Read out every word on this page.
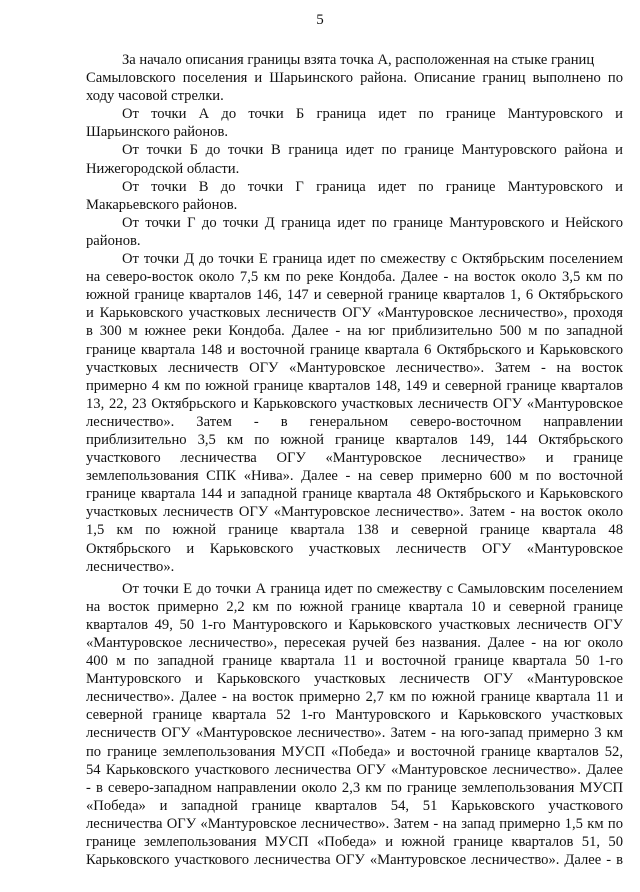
5
За начало описания границы взята точка А, расположенная на стыке границ
Самыловского поселения и Шарьинского района. Описание границ выполнено по
ходу часовой стрелки.
От точки А до точки Б граница идет по границе Мантуровского и
Шарьинского районов.
От точки Б до точки В граница идет по границе Мантуровского района и
Нижегородской области.
От точки В до точки Г граница идет по границе Мантуровского и
Макарьевского районов.
От точки Г до точки Д граница идет по границе Мантуровского и Нейского
районов.
От точки Д до точки Е граница идет по смежеству с Октябрьским поселением
на северо-восток около 7,5 км по реке Кондоба. Далее - на восток около 3,5 км по
южной границе кварталов 146, 147 и северной границе кварталов 1, 6 Октябрьского
и Карьковского участковых лесничеств ОГУ «Мантуровское лесничество», проходя
в 300 м южнее реки Кондоба. Далее - на юг приблизительно 500 м по западной
границе квартала 148 и восточной границе квартала 6 Октябрьского и Карьковского
участковых лесничеств ОГУ «Мантуровское лесничество». Затем - на восток
примерно 4 км по южной границе кварталов 148, 149 и северной границе кварталов
13, 22, 23 Октябрьского и Карьковского участковых лесничеств ОГУ «Мантуровское
лесничество». Затем - в генеральном северо-восточном направлении
приблизительно 3,5 км по южной границе кварталов 149, 144 Октябрьского
участкового лесничества ОГУ «Мантуровское лесничество» и границе
землепользования СПК «Нива». Далее - на север примерно 600 м по восточной
границе квартала 144 и западной границе квартала 48 Октябрьского и Карьковского
участковых лесничеств ОГУ «Мантуровское лесничество». Затем - на восток около
1,5 км по южной границе квартала 138 и северной границе квартала 48
Октябрьского и Карьковского участковых лесничеств ОГУ «Мантуровское
лесничество».
От точки Е до точки А граница идет по смежеству с Самыловским поселением
на восток примерно 2,2 км по южной границе квартала 10 и северной границе
кварталов 49, 50 1-го Мантуровского и Карьковского участковых лесничеств ОГУ
«Мантуровское лесничество», пересекая ручей без названия. Далее - на юг около
400 м по западной границе квартала 11 и восточной границе квартала 50 1-го
Мантуровского и Карьковского участковых лесничеств ОГУ «Мантуровское
лесничество». Далее - на восток примерно 2,7 км по южной границе квартала 11 и
северной границе квартала 52 1-го Мантуровского и Карьковского участковых
лесничеств ОГУ «Мантуровское лесничество». Затем - на юго-запад примерно 3 км
по границе землепользования МУСП «Победа» и восточной границе кварталов 52,
54 Карьковского участкового лесничества ОГУ «Мантуровское лесничество». Далее
- в северо-западном направлении около 2,3 км по границе землепользования МУСП
«Победа» и западной границе кварталов 54, 51 Карьковского участкового
лесничества ОГУ «Мантуровское лесничество». Затем - на запад примерно 1,5 км по
границе землепользования МУСП «Победа» и южной границе кварталов 51, 50
Карьковского участкового лесничества ОГУ «Мантуровское лесничество». Далее - в
